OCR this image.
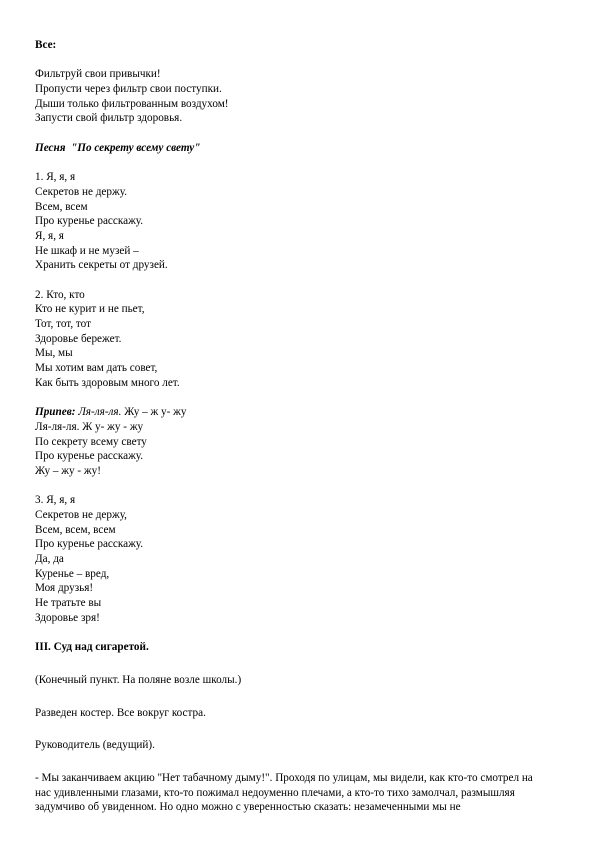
Все:
Фильтруй свои привычки!
Пропусти через фильтр свои поступки.
Дыши только фильтрованным воздухом!
Запусти свой фильтр здоровья.
Песня "По секрету всему свету"
1. Я, я, я
Секретов не держу.
Всем, всем
Про куренье расскажу.
Я, я, я
Не шкаф и не музей –
Хранить секреты от друзей.
2. Кто, кто
Кто не курит и не пьет,
Тот, тот, тот
Здоровье бережет.
Мы, мы
Мы хотим вам дать совет,
Как быть здоровым много лет.
Припев: Ля-ля-ля. Жу – ж у- жу
Ля-ля-ля. Ж у- жу - жу
По секрету всему свету
Про куренье расскажу.
Жу – жу - жу!
3. Я, я, я
Секретов не держу,
Всем, всем, всем
Про куренье расскажу.
Да, да
Куренье – вред,
Моя друзья!
Не тратьте вы
Здоровье зря!
III. Суд над сигаретой.
(Конечный пункт. На поляне возле школы.)
Разведен костер. Все вокруг костра.
Руководитель (ведущий).
- Мы заканчиваем акцию "Нет табачному дыму!". Проходя по улицам, мы видели, как кто-то смотрел на нас удивленными глазами, кто-то пожимал недоуменно плечами, а кто-то тихо замолчал, размышляя задумчиво об увиденном. Но одно можно с уверенностью сказать: незамеченными мы не
